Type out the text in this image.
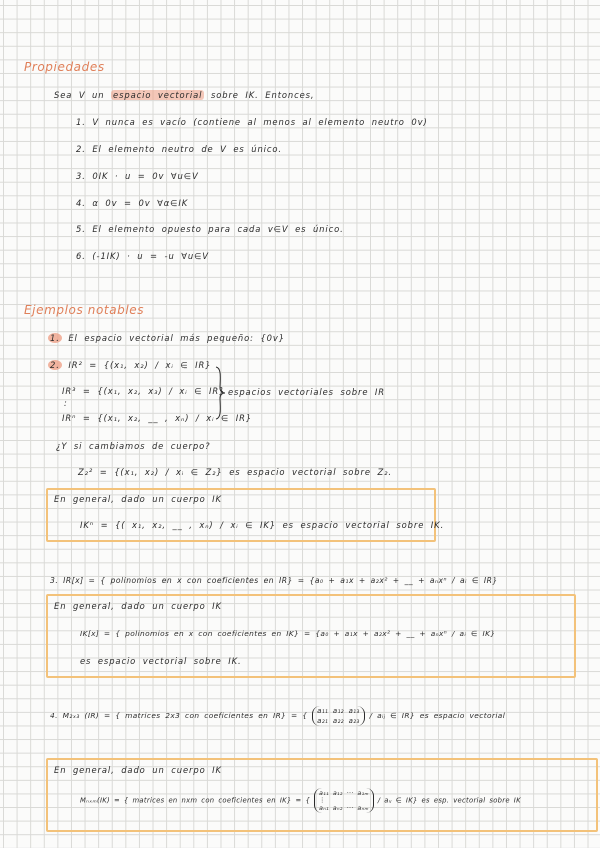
Propiedades
Sea V un espacio vectorial sobre IK. Entonces,
1. V nunca es vacío (contiene al menos al elemento neutro 0v)
2. El elemento neutro de V es único.
3. 0IK · u = 0v ∀u∈V
4. α 0v = 0v ∀α∈IK
5. El elemento opuesto para cada v∈V es único.
6. (-1IK) · u = -u ∀u∈V
Ejemplos notables
1. El espacio vectorial más pequeño: {0v}
2. IR² = {(x₁, x₂) / xᵢ ∈ IR}
IR³ = {(x₁, x₂, x₃) / xᵢ ∈ IR}
:
IRⁿ = {(x₁, x₂, __ , xₙ) / xᵢ ∈ IR}
espacios vectoriales sobre IR
¿Y si cambiamos de cuerpo?
Z₂² = {(x₁, x₂) / xᵢ ∈ Z₂} es espacio vectorial sobre Z₂.
En general, dado un cuerpo IK
IKⁿ = {( x₁, x₂, __ , xₙ) / xᵢ ∈ IK} es espacio vectorial sobre IK.
3. IR[x] = { polinomios en x con coeficientes en IR} = {a₀ + a₁x + a₂x² + __ + aₙxⁿ / aᵢ ∈ IR}
En general, dado un cuerpo IK
IK[x] = { polinomios en x con coeficientes en IK} = {a₀ + a₁x + a₂x² + __ + aₙxⁿ / aᵢ ∈ IK}
es espacio vectorial sobre IK.
4. M₂ₓ₃ (IR) = { matrices 2x3 con coeficientes en IR} = { a₁₁ a₁₂ a₁₃
a₂₁ a₂₂ a₂₃
/ aᵢⱼ ∈ IR} es espacio vectorial
En general, dado un cuerpo IK
Mₙₓₘ(IK) = { matrices en nxm con coeficientes en IK} = {
a₁₁ a₁₂ ··· a₁ₘ
⋮
aₙ₁ aₙ₂ ··· aₙₘ
/ aᵢⱼ ∈ IK} es esp. vectorial sobre IK
